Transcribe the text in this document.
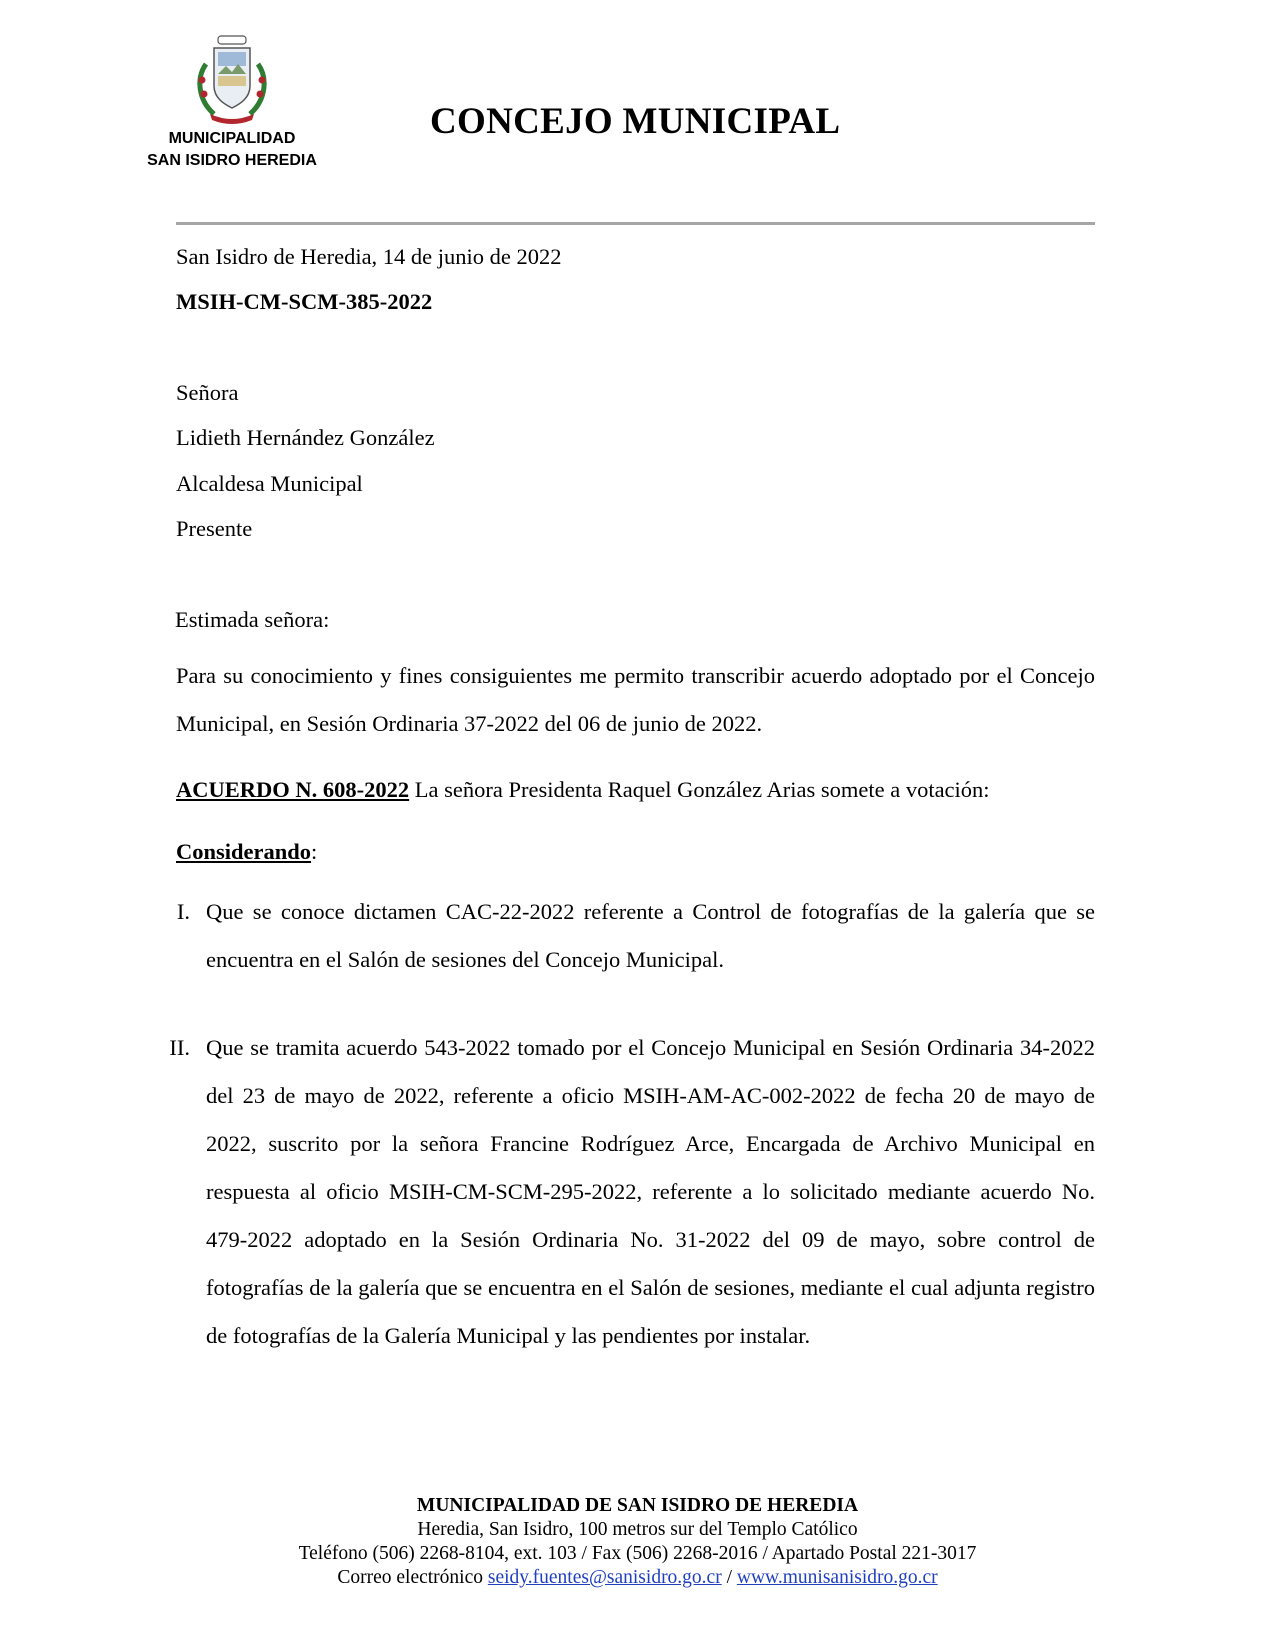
MUNICIPALIDAD
SAN ISIDRO HEREDIA
CONCEJO MUNICIPAL
San Isidro de Heredia, 14 de junio de 2022
MSIH-CM-SCM-385-2022
Señora
Lidieth Hernández González
Alcaldesa Municipal
Presente
Estimada señora:
Para su conocimiento y fines consiguientes me permito transcribir acuerdo adoptado por el Concejo Municipal, en Sesión Ordinaria 37-2022 del 06 de junio de 2022.
ACUERDO N. 608-2022 La señora Presidenta Raquel González Arias somete a votación:
Considerando:
I. Que se conoce dictamen CAC-22-2022 referente a Control de fotografías de la galería que se encuentra en el Salón de sesiones del Concejo Municipal.
II. Que se tramita acuerdo 543-2022 tomado por el Concejo Municipal en Sesión Ordinaria 34-2022 del 23 de mayo de 2022, referente a oficio MSIH-AM-AC-002-2022 de fecha 20 de mayo de 2022, suscrito por la señora Francine Rodríguez Arce, Encargada de Archivo Municipal en respuesta al oficio MSIH-CM-SCM-295-2022, referente a lo solicitado mediante acuerdo No. 479-2022 adoptado en la Sesión Ordinaria No. 31-2022 del 09 de mayo, sobre control de fotografías de la galería que se encuentra en el Salón de sesiones, mediante el cual adjunta registro de fotografías de la Galería Municipal y las pendientes por instalar.
MUNICIPALIDAD DE SAN ISIDRO DE HEREDIA
Heredia, San Isidro, 100 metros sur del Templo Católico
Teléfono (506) 2268-8104, ext. 103 / Fax (506) 2268-2016 / Apartado Postal 221-3017
Correo electrónico seidy.fuentes@sanisidro.go.cr / www.munisanisidro.go.cr
